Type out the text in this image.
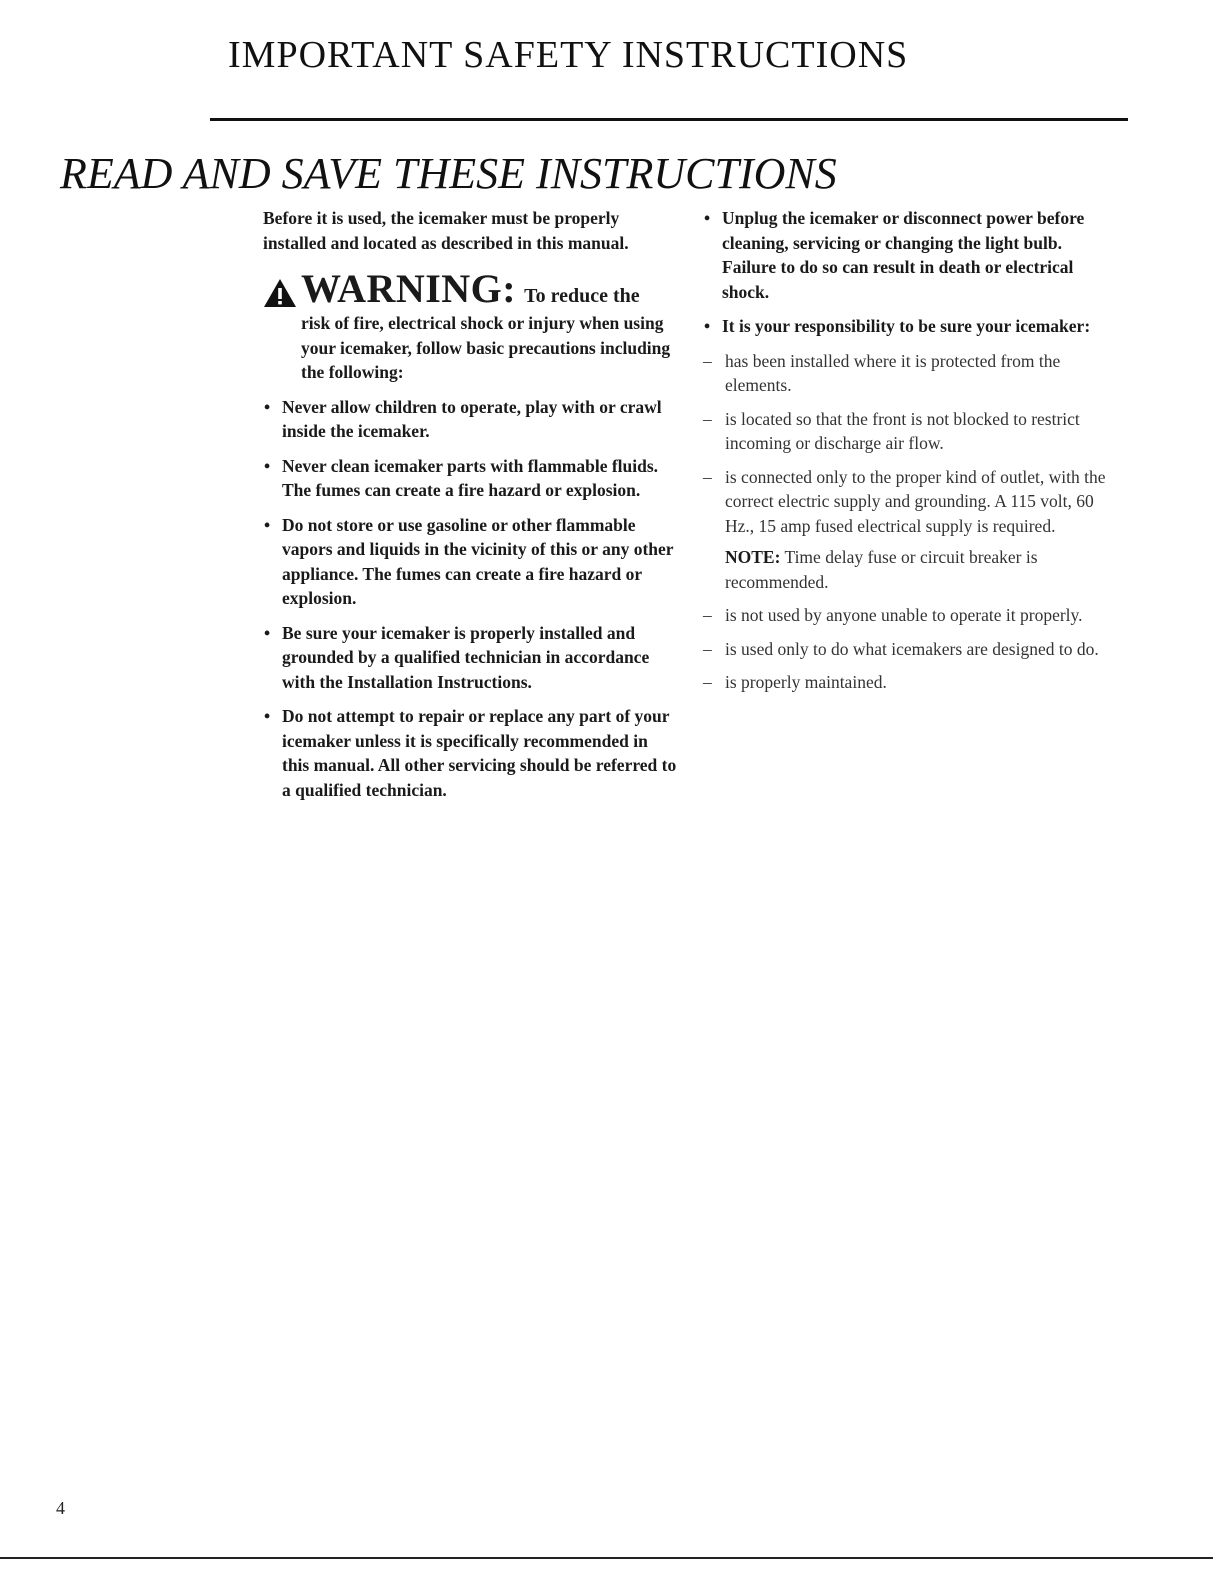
IMPORTANT SAFETY INSTRUCTIONS
READ AND SAVE THESE INSTRUCTIONS

Before it is used, the icemaker must be properly installed and located as described in this manual.

WARNING: To reduce the

risk of fire, electrical shock or injury when using your icemaker, follow basic precautions including the following:

• Never allow children to operate, play with or crawl inside the icemaker.
• Never clean icemaker parts with flammable fluids. The fumes can create a fire hazard or explosion.
• Do not store or use gasoline or other flammable vapors and liquids in the vicinity of this or any other appliance. The fumes can create a fire hazard or explosion.
• Be sure your icemaker is properly installed and grounded by a qualified technician in accordance with the Installation Instructions.
• Do not attempt to repair or replace any part of your icemaker unless it is specifically recommended in this manual. All other servicing should be referred to a qualified technician.
• Unplug the icemaker or disconnect power before cleaning, servicing or changing the light bulb. Failure to do so can result in death or electrical shock.
• It is your responsibility to be sure your icemaker:
– has been installed where it is protected from the elements.
– is located so that the front is not blocked to restrict incoming or discharge air flow.
– is connected only to the proper kind of outlet, with the correct electric supply and grounding. A 115 volt, 60 Hz., 15 amp fused electrical supply is required.

NOTE: Time delay fuse or circuit breaker is recommended.

– is not used by anyone unable to operate it properly.
– is used only to do what icemakers are designed to do.
– is properly maintained.
4
